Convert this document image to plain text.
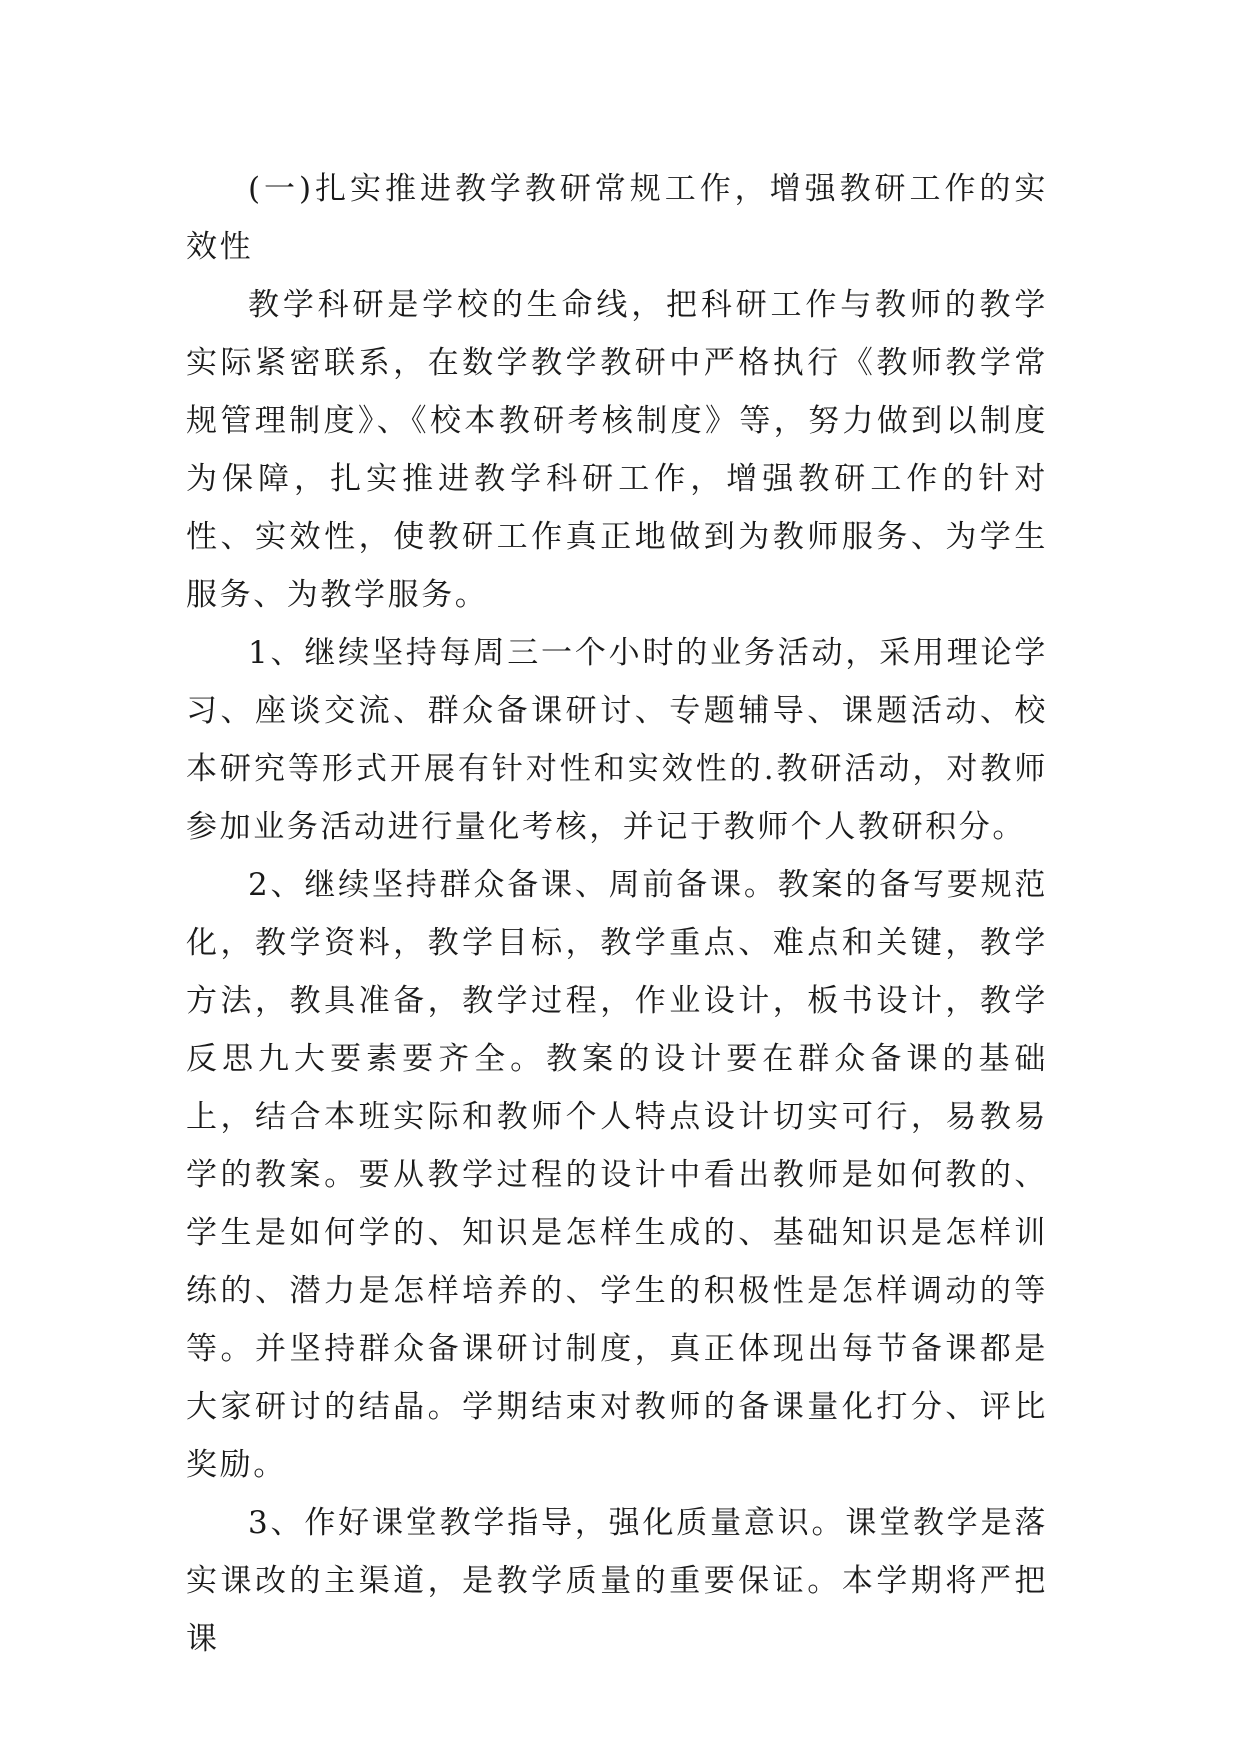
(一)扎实推进教学教研常规工作，增强教研工作的实效性

教学科研是学校的生命线，把科研工作与教师的教学实际紧密联系，在数学教学教研中严格执行《教师教学常规管理制度》、《校本教研考核制度》等，努力做到以制度为保障，扎实推进教学科研工作，增强教研工作的针对性、实效性，使教研工作真正地做到为教师服务、为学生服务、为教学服务。

1、继续坚持每周三一个小时的业务活动，采用理论学习、座谈交流、群众备课研讨、专题辅导、课题活动、校本研究等形式开展有针对性和实效性的.教研活动，对教师参加业务活动进行量化考核，并记于教师个人教研积分。

2、继续坚持群众备课、周前备课。教案的备写要规范化，教学资料，教学目标，教学重点、难点和关键，教学方法，教具准备，教学过程，作业设计，板书设计，教学反思九大要素要齐全。教案的设计要在群众备课的基础上，结合本班实际和教师个人特点设计切实可行，易教易学的教案。要从教学过程的设计中看出教师是如何教的、学生是如何学的、知识是怎样生成的、基础知识是怎样训练的、潜力是怎样培养的、学生的积极性是怎样调动的等等。并坚持群众备课研讨制度，真正体现出每节备课都是大家研讨的结晶。学期结束对教师的备课量化打分、评比奖励。

3、作好课堂教学指导，强化质量意识。课堂教学是落实课改的主渠道，是教学质量的重要保证。本学期将严把课
